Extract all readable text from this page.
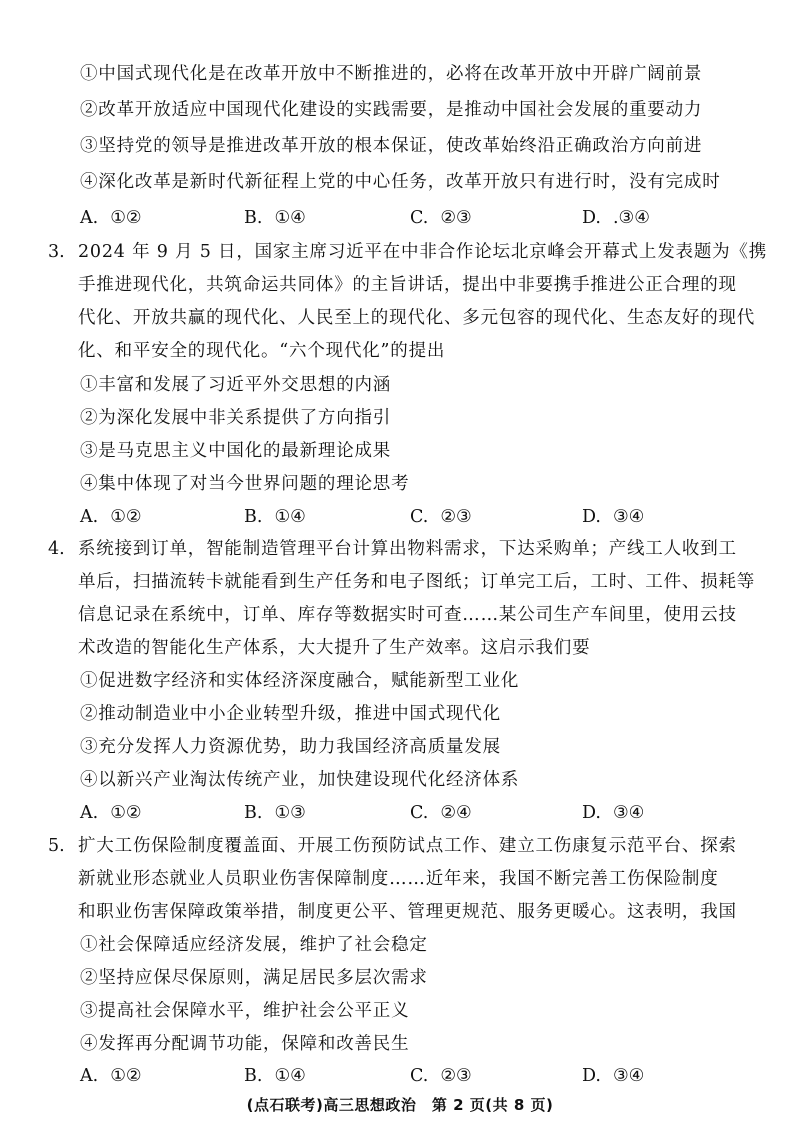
①中国式现代化是在改革开放中不断推进的，必将在改革开放中开辟广阔前景
②改革开放适应中国现代化建设的实践需要，是推动中国社会发展的重要动力
③坚持党的领导是推进改革开放的根本保证，使改革始终沿正确政治方向前进
④深化改革是新时代新征程上党的中心任务，改革开放只有进行时，没有完成时
A. ①②	B. ①④	C. ②③	D. .③④
3. 2024 年 9 月 5 日，国家主席习近平在中非合作论坛北京峰会开幕式上发表题为《携
手推进现代化，共筑命运共同体》的主旨讲话，提出中非要携手推进公正合理的现
代化、开放共赢的现代化、人民至上的现代化、多元包容的现代化、生态友好的现代
化、和平安全的现代化。“六个现代化”的提出
①丰富和发展了习近平外交思想的内涵
②为深化发展中非关系提供了方向指引
③是马克思主义中国化的最新理论成果
④集中体现了对当今世界问题的理论思考
A. ①②	B. ①④	C. ②③	D. ③④
4. 系统接到订单，智能制造管理平台计算出物料需求，下达采购单；产线工人收到工
单后，扫描流转卡就能看到生产任务和电子图纸；订单完工后，工时、工件、损耗等
信息记录在系统中，订单、库存等数据实时可查……某公司生产车间里，使用云技
术改造的智能化生产体系，大大提升了生产效率。这启示我们要
①促进数字经济和实体经济深度融合，赋能新型工业化
②推动制造业中小企业转型升级，推进中国式现代化
③充分发挥人力资源优势，助力我国经济高质量发展
④以新兴产业淘汰传统产业，加快建设现代化经济体系
A. ①②	B. ①③	C. ②④	D. ③④
5. 扩大工伤保险制度覆盖面、开展工伤预防试点工作、建立工伤康复示范平台、探索
新就业形态就业人员职业伤害保障制度……近年来，我国不断完善工伤保险制度
和职业伤害保障政策举措，制度更公平、管理更规范、服务更暖心。这表明，我国
①社会保障适应经济发展，维护了社会稳定
②坚持应保尽保原则，满足居民多层次需求
③提高社会保障水平，维护社会公平正义
④发挥再分配调节功能，保障和改善民生
A. ①②	B. ①④	C. ②③	D. ③④
(点石联考)高三思想政治　第 2 页(共 8 页)
